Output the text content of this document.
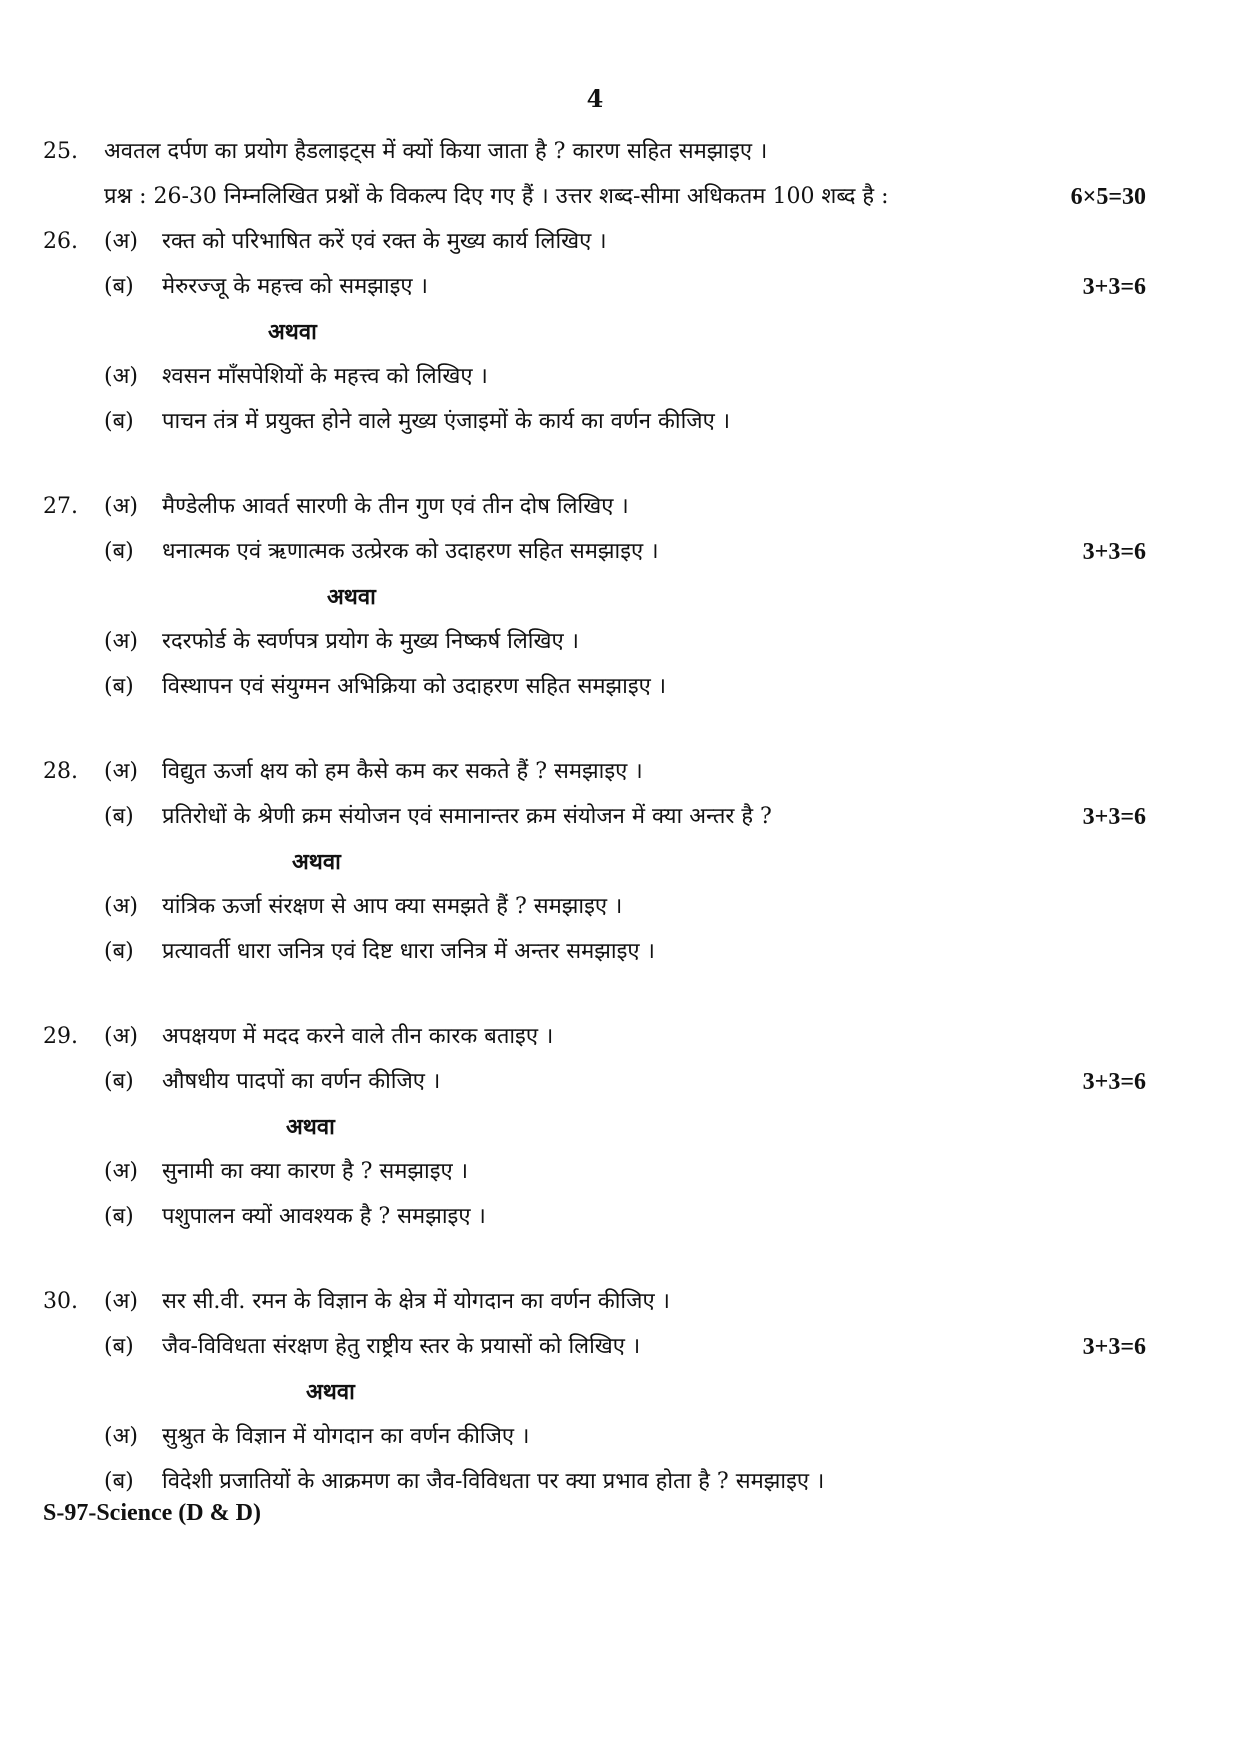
4
25. अवतल दर्पण का प्रयोग हैडलाइट्स में क्यों किया जाता है ? कारण सहित समझाइए ।
प्रश्न : 26-30 निम्नलिखित प्रश्नों के विकल्प दिए गए हैं । उत्तर शब्द-सीमा अधिकतम 100 शब्द है :	6×5=30
26. (अ) रक्त को परिभाषित करें एवं रक्त के मुख्य कार्य लिखिए ।
(ब) मेरुरज्जू के महत्त्व को समझाइए ।	3+3=6
अथवा
(अ) श्वसन माँसपेशियों के महत्त्व को लिखिए ।
(ब) पाचन तंत्र में प्रयुक्त होने वाले मुख्य एंजाइमों के कार्य का वर्णन कीजिए ।
27. (अ) मैण्डेलीफ आवर्त सारणी के तीन गुण एवं तीन दोष लिखिए ।
(ब) धनात्मक एवं ऋणात्मक उत्प्रेरक को उदाहरण सहित समझाइए ।	3+3=6
अथवा
(अ) रदरफोर्ड के स्वर्णपत्र प्रयोग के मुख्य निष्कर्ष लिखिए ।
(ब) विस्थापन एवं संयुग्मन अभिक्रिया को उदाहरण सहित समझाइए ।
28. (अ) विद्युत ऊर्जा क्षय को हम कैसे कम कर सकते हैं ? समझाइए ।
(ब) प्रतिरोधों के श्रेणी क्रम संयोजन एवं समानान्तर क्रम संयोजन में क्या अन्तर है ?	3+3=6
अथवा
(अ) यांत्रिक ऊर्जा संरक्षण से आप क्या समझते हैं ? समझाइए ।
(ब) प्रत्यावर्ती धारा जनित्र एवं दिष्ट धारा जनित्र में अन्तर समझाइए ।
29. (अ) अपक्षयण में मदद करने वाले तीन कारक बताइए ।
(ब) औषधीय पादपों का वर्णन कीजिए ।	3+3=6
अथवा
(अ) सुनामी का क्या कारण है ? समझाइए ।
(ब) पशुपालन क्यों आवश्यक है ? समझाइए ।
30. (अ) सर सी.वी. रमन के विज्ञान के क्षेत्र में योगदान का वर्णन कीजिए ।
(ब) जैव-विविधता संरक्षण हेतु राष्ट्रीय स्तर के प्रयासों को लिखिए ।	3+3=6
अथवा
(अ) सुश्रुत के विज्ञान में योगदान का वर्णन कीजिए ।
(ब) विदेशी प्रजातियों के आक्रमण का जैव-विविधता पर क्या प्रभाव होता है ? समझाइए ।
S-97-Science (D & D)
